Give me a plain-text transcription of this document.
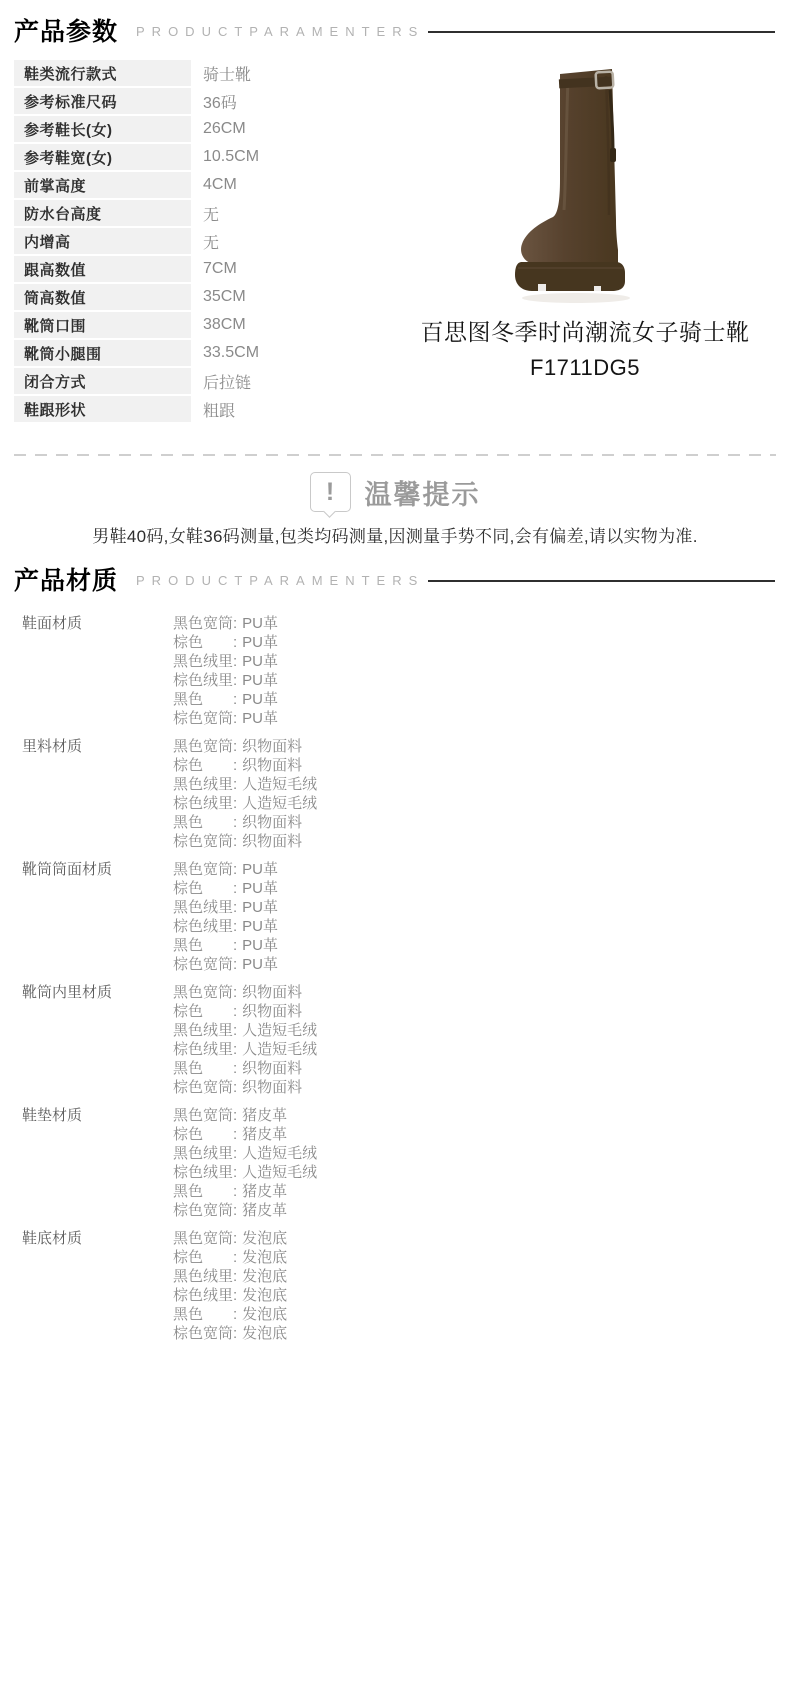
产品参数 PRODUCTPARAMENTERS
鞋类流行款式	骑士靴
参考标准尺码	36码
参考鞋长(女)	26CM
参考鞋宽(女)	10.5CM
前掌高度	4CM
防水台高度	无
内增高	无
跟高数值	7CM
筒高数值	35CM
靴筒口围	38CM
靴筒小腿围	33.5CM
闭合方式	后拉链
鞋跟形状	粗跟
百思图冬季时尚潮流女子骑士靴
F1711DG5
! 温馨提示
男鞋40码,女鞋36码测量,包类均码测量,因测量手势不同,会有偏差,请以实物为准.
产品材质 PRODUCTPARAMENTERS
鞋面材质	黑色宽筒: PU革
棕色 : PU革
黑色绒里: PU革
棕色绒里: PU革
黑色 : PU革
棕色宽筒: PU革
里料材质	黑色宽筒: 织物面料
棕色 : 织物面料
黑色绒里: 人造短毛绒
棕色绒里: 人造短毛绒
黑色 : 织物面料
棕色宽筒: 织物面料
靴筒筒面材质	黑色宽筒: PU革
棕色 : PU革
黑色绒里: PU革
棕色绒里: PU革
黑色 : PU革
棕色宽筒: PU革
靴筒内里材质	黑色宽筒: 织物面料
棕色 : 织物面料
黑色绒里: 人造短毛绒
棕色绒里: 人造短毛绒
黑色 : 织物面料
棕色宽筒: 织物面料
鞋垫材质	黑色宽筒: 猪皮革
棕色 : 猪皮革
黑色绒里: 人造短毛绒
棕色绒里: 人造短毛绒
黑色 : 猪皮革
棕色宽筒: 猪皮革
鞋底材质	黑色宽筒: 发泡底
棕色 : 发泡底
黑色绒里: 发泡底
棕色绒里: 发泡底
黑色 : 发泡底
棕色宽筒: 发泡底
